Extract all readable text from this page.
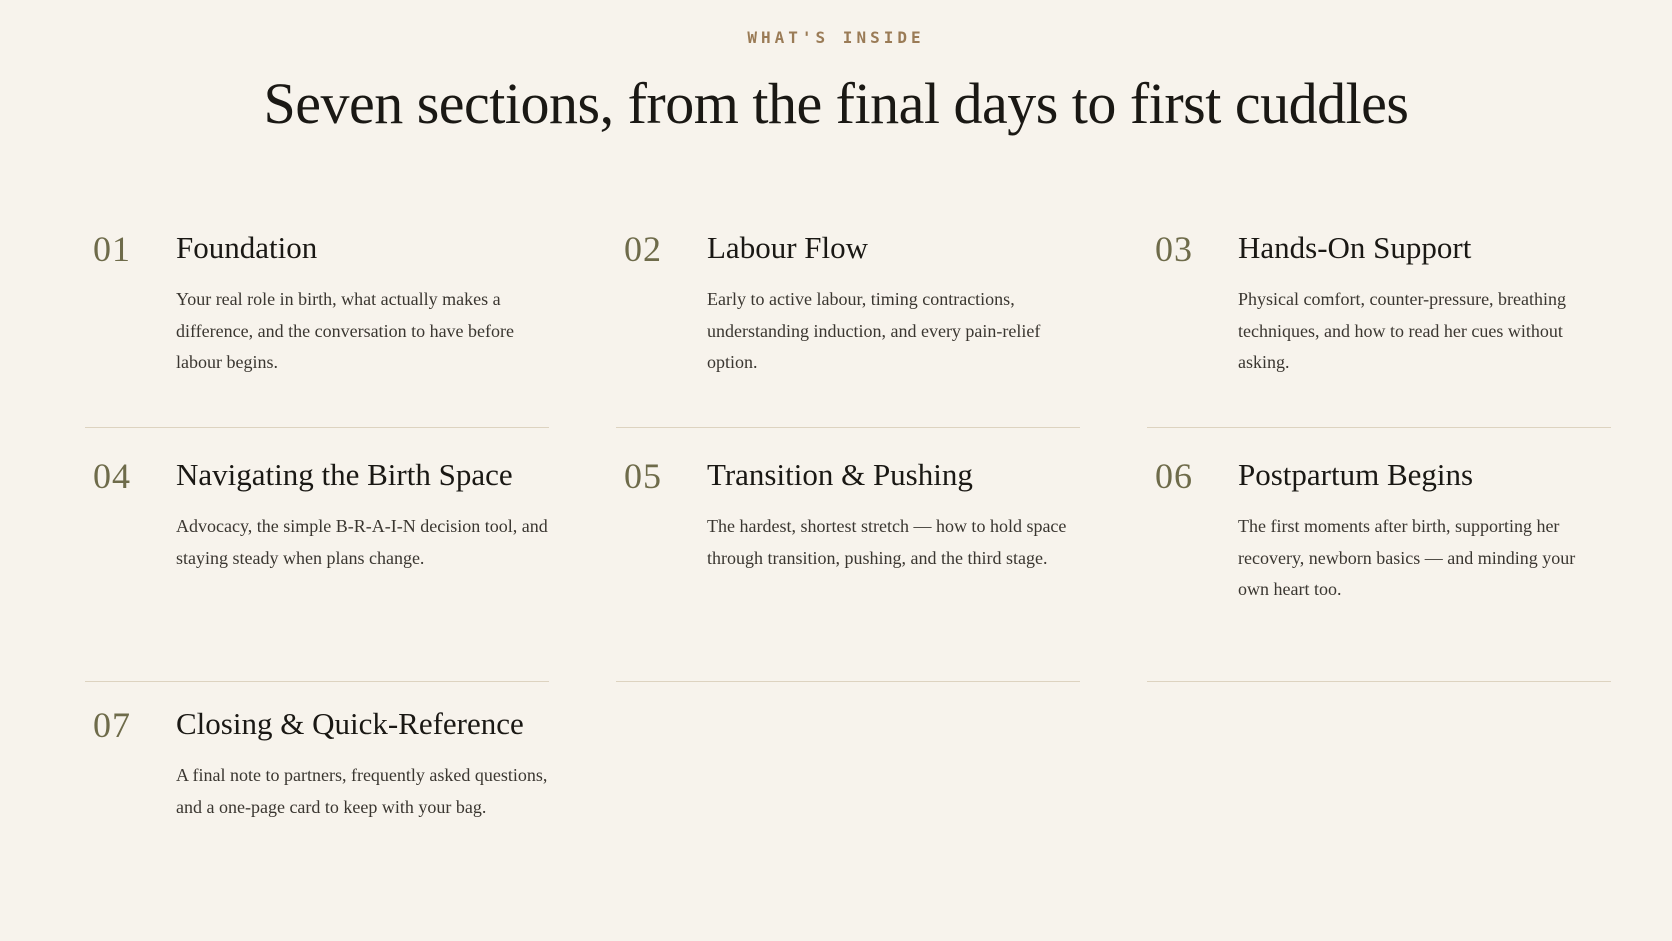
WHAT'S INSIDE
Seven sections, from the final days to first cuddles
01 Foundation
Your real role in birth, what actually makes a difference, and the conversation to have before labour begins.
02 Labour Flow
Early to active labour, timing contractions, understanding induction, and every pain-relief option.
03 Hands-On Support
Physical comfort, counter-pressure, breathing techniques, and how to read her cues without asking.
04 Navigating the Birth Space
Advocacy, the simple B-R-A-I-N decision tool, and staying steady when plans change.
05 Transition & Pushing
The hardest, shortest stretch — how to hold space through transition, pushing, and the third stage.
06 Postpartum Begins
The first moments after birth, supporting her recovery, newborn basics — and minding your own heart too.
07 Closing & Quick-Reference
A final note to partners, frequently asked questions, and a one-page card to keep with your bag.
